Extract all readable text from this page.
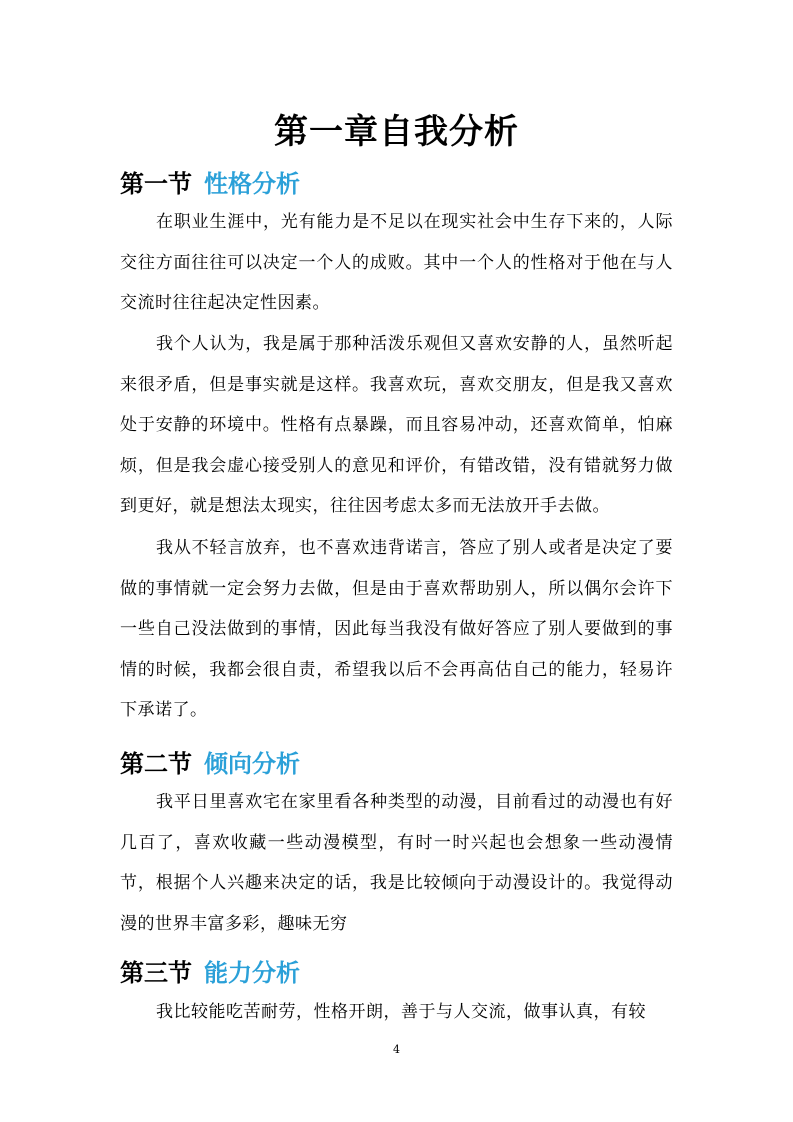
第一章自我分析
第一节 性格分析

在职业生涯中，光有能力是不足以在现实社会中生存下来的，人际交往方面往往可以决定一个人的成败。其中一个人的性格对于他在与人交流时往往起决定性因素。

我个人认为，我是属于那种活泼乐观但又喜欢安静的人，虽然听起来很矛盾，但是事实就是这样。我喜欢玩，喜欢交朋友，但是我又喜欢处于安静的环境中。性格有点暴躁，而且容易冲动，还喜欢简单，怕麻烦，但是我会虚心接受别人的意见和评价，有错改错，没有错就努力做到更好，就是想法太现实，往往因考虑太多而无法放开手去做。

我从不轻言放弃，也不喜欢违背诺言，答应了别人或者是决定了要做的事情就一定会努力去做，但是由于喜欢帮助别人，所以偶尔会许下一些自己没法做到的事情，因此每当我没有做好答应了别人要做到的事情的时候，我都会很自责，希望我以后不会再高估自己的能力，轻易许下承诺了。

第二节 倾向分析

我平日里喜欢宅在家里看各种类型的动漫，目前看过的动漫也有好几百了，喜欢收藏一些动漫模型，有时一时兴起也会想象一些动漫情节，根据个人兴趣来决定的话，我是比较倾向于动漫设计的。我觉得动漫的世界丰富多彩，趣味无穷

第三节 能力分析

我比较能吃苦耐劳，性格开朗，善于与人交流，做事认真，有较

4
